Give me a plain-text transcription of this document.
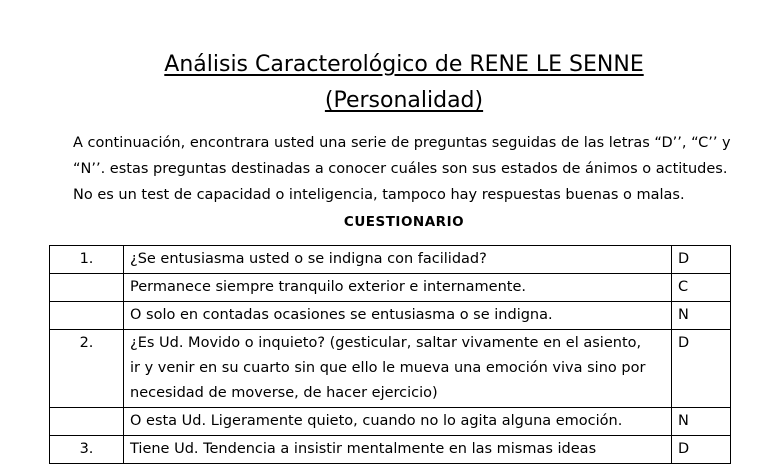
Análisis Caracterológico de RENE LE SENNE
(Personalidad)

A continuación, encontrara usted una serie de preguntas seguidas de las letras “D’’, “C’’ y

“N’’. estas preguntas destinadas a conocer cuáles son sus estados de ánimos o actitudes.

No es un test de capacidad o inteligencia, tampoco hay respuestas buenas o malas.

CUESTIONARIO
1.	¿Se entusiasma usted o se indigna con facilidad?	D
	Permanece siempre tranquilo exterior e internamente.	C
	O solo en contadas ocasiones se entusiasma o se indigna.	N
2.	¿Es Ud. Movido o inquieto? (gesticular, saltar vivamente en el asiento,
ir y venir en su cuarto sin que ello le mueva una emoción viva sino por
necesidad de moverse, de hacer ejercicio)	D
	O esta Ud. Ligeramente quieto, cuando no lo agita alguna emoción.	N
3.	Tiene Ud. Tendencia a insistir mentalmente en las mismas ideas	D
